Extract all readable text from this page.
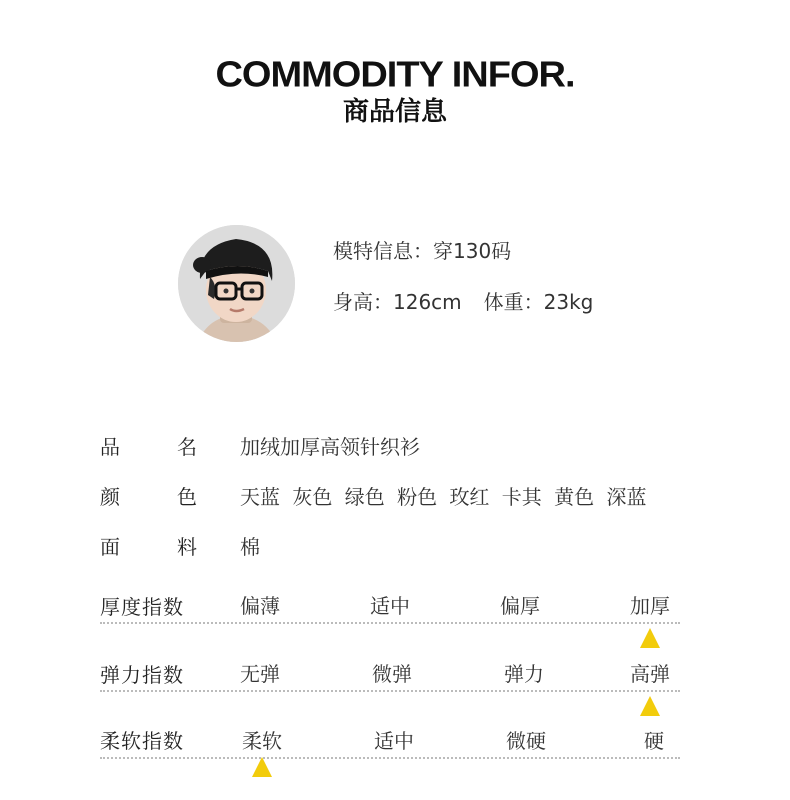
COMMODITY INFOR.
商品信息
模特信息：穿130码
身高：126cm 体重：23kg
品	名 加绒加厚高领针织衫
颜	色 天蓝 灰色 绿色 粉色 玫红 卡其 黄色 深蓝
面	料 棉
厚度指数	偏薄	适中	偏厚	加厚
弹力指数	无弹	微弹	弹力	高弹
柔软指数	柔软	适中	微硬	硬
